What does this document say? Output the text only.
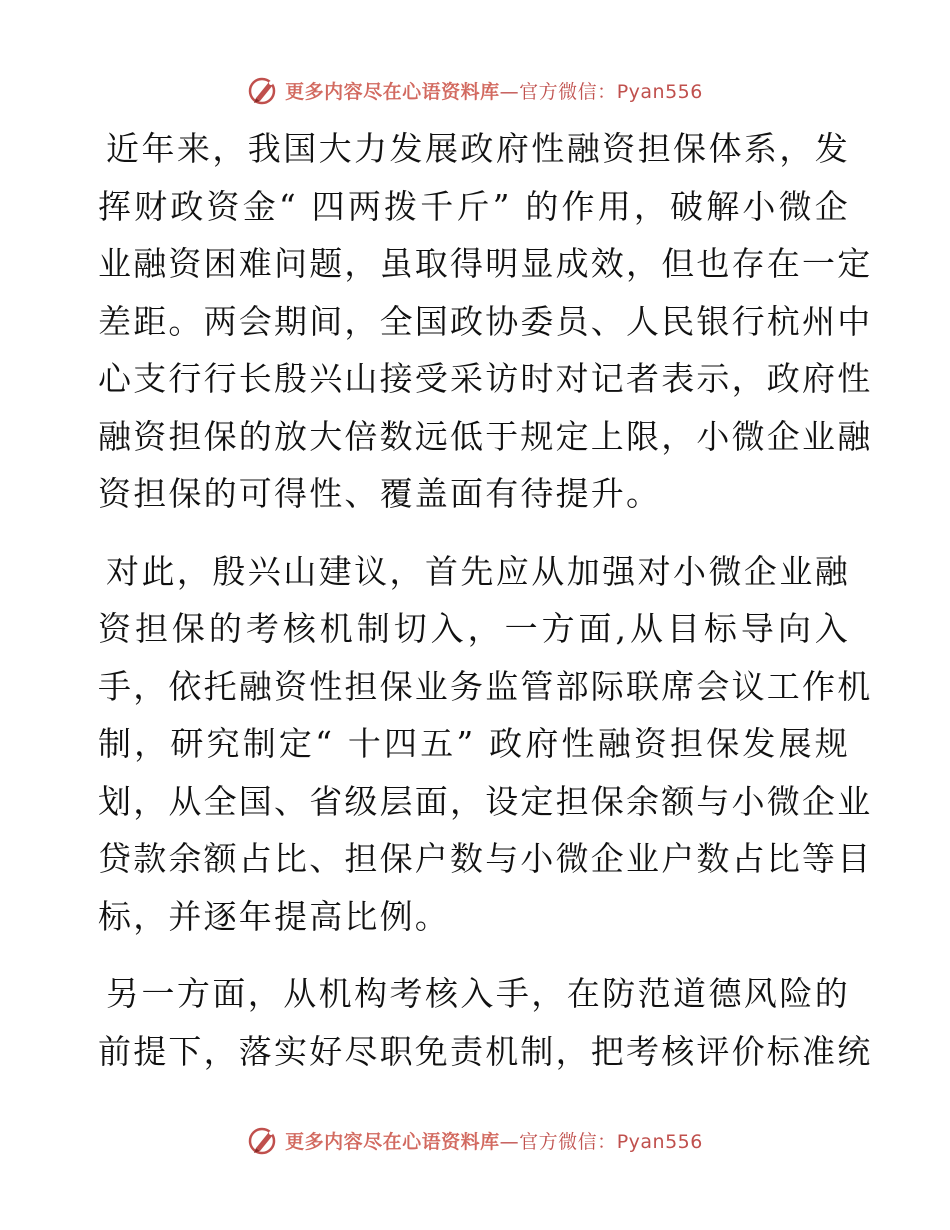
更多内容尽在心语资料库—官方微信：Pyan556
近年来，我国大力发展政府性融资担保体系，发
挥财政资金“ 四两拨千斤” 的作用，破解小微企
业融资困难问题，虽取得明显成效，但也存在一定
差距。两会期间，全国政协委员、人民银行杭州中
心支行行长殷兴山接受采访时对记者表示，政府性
融资担保的放大倍数远低于规定上限，小微企业融
资担保的可得性、覆盖面有待提升。
对此，殷兴山建议，首先应从加强对小微企业融
资担保的考核机制切入，一方面,从目标导向入
手，依托融资性担保业务监管部际联席会议工作机
制，研究制定“ 十四五” 政府性融资担保发展规
划，从全国、省级层面，设定担保余额与小微企业
贷款余额占比、担保户数与小微企业户数占比等目
标，并逐年提高比例。
另一方面，从机构考核入手，在防范道德风险的
前提下，落实好尽职免责机制，把考核评价标准统
更多内容尽在心语资料库—官方微信：Pyan556
